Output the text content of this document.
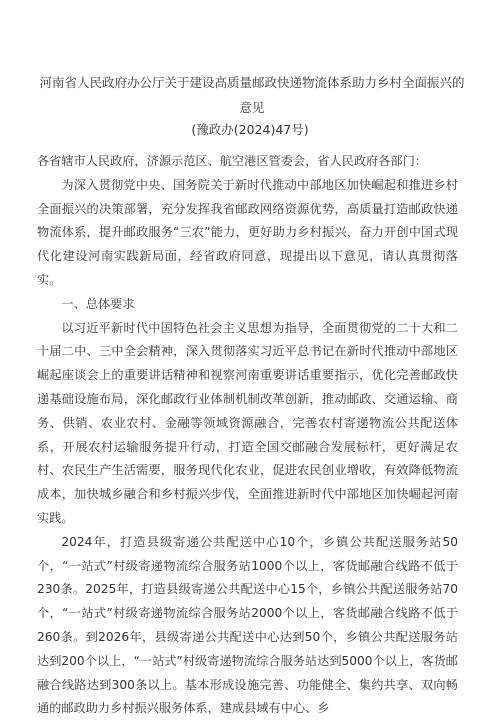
河南省人民政府办公厅关于建设高质量邮政快递物流体系助力乡村全面振兴的意见
(豫政办(2024)47号)

各省辖市人民政府，济源示范区、航空港区管委会，省人民政府各部门：

为深入贯彻党中央、国务院关于新时代推动中部地区加快崛起和推进乡村全面振兴的决策部署，充分发挥我省邮政网络资源优势，高质量打造邮政快递物流体系，提升邮政服务“三农”能力，更好助力乡村振兴，奋力开创中国式现代化建设河南实践新局面，经省政府同意，现提出以下意见，请认真贯彻落实。

一、总体要求

以习近平新时代中国特色社会主义思想为指导，全面贯彻党的二十大和二十届二中、三中全会精神，深入贯彻落实习近平总书记在新时代推动中部地区崛起座谈会上的重要讲话精神和视察河南重要讲话重要指示，优化完善邮政快递基础设施布局，深化邮政行业体制机制改革创新，推动邮政、交通运输、商务、供销、农业农村、金融等领域资源融合，完善农村寄递物流公共配送体系，开展农村运输服务提升行动，打造全国交邮融合发展标杆，更好满足农村、农民生产生活需要，服务现代化农业，促进农民创业增收，有效降低物流成本，加快城乡融合和乡村振兴步伐，全面推进新时代中部地区加快崛起河南实践。

2024年，打造县级寄递公共配送中心10个，乡镇公共配送服务站50个，“一站式”村级寄递物流综合服务站1000个以上，客货邮融合线路不低于230条。2025年，打造县级寄递公共配送中心15个，乡镇公共配送服务站70个，“一站式”村级寄递物流综合服务站2000个以上，客货邮融合线路不低于260条。到2026年，县级寄递公共配送中心达到50个，乡镇公共配送服务站达到200个以上，“一站式”村级寄递物流综合服务站达到5000个以上，客货邮融合线路达到300条以上。基本形成设施完善、功能健全、集约共享、双向畅通的邮政助力乡村振兴服务体系，建成县域有中心、乡
